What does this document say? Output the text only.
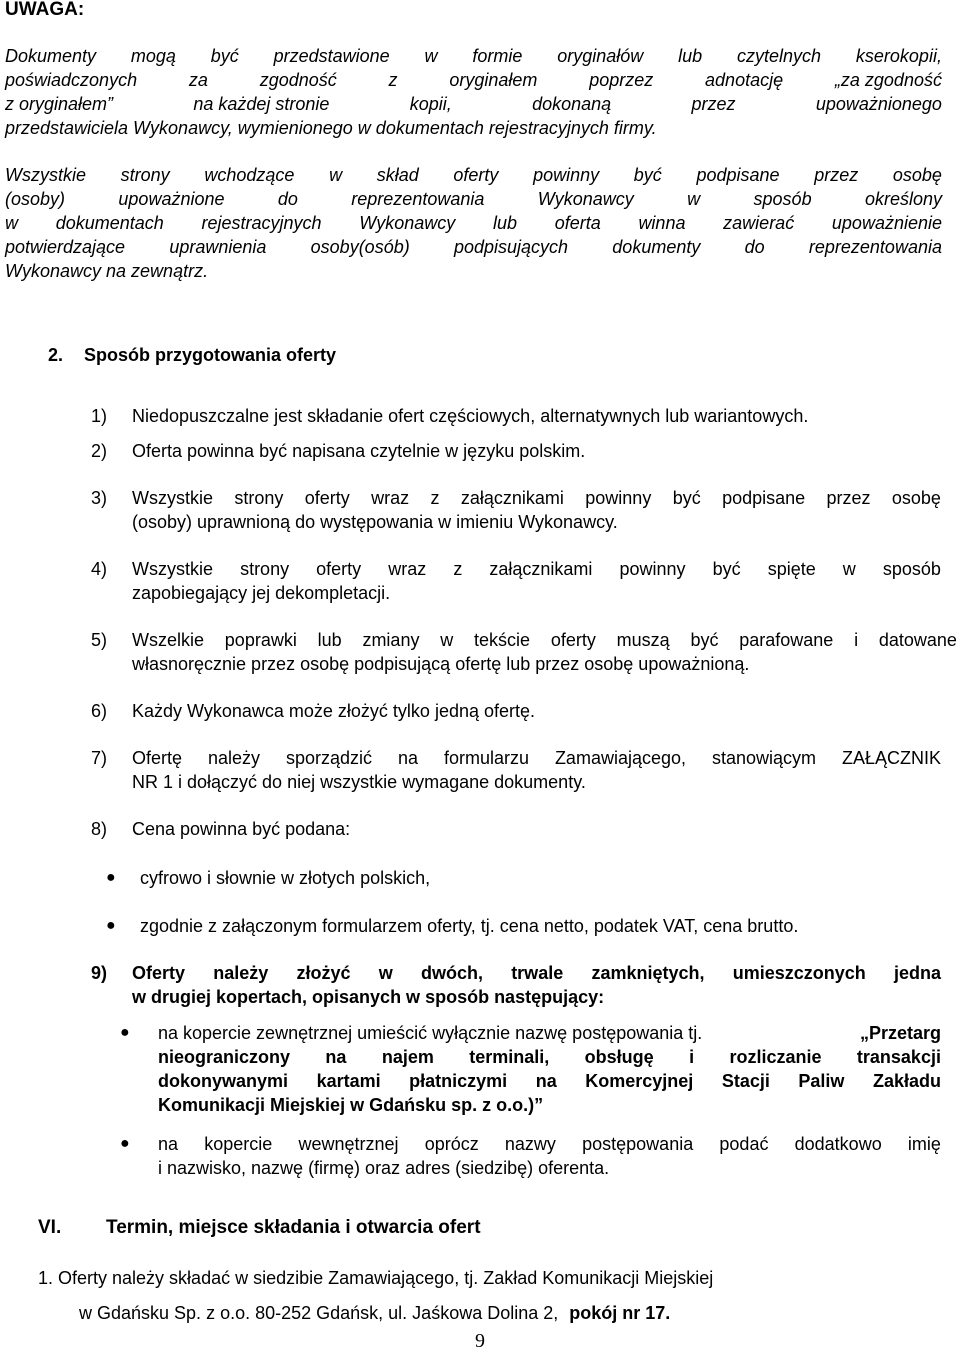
UWAGA:
Dokumenty mogą być przedstawione w formie oryginałów lub czytelnych kserokopii,
poświadczonych	za	zgodność	z	oryginałem	poprzez	adnotację	„za zgodność
z oryginałem”	na każdej stronie	kopii,	dokonaną	przez	upoważnionego
przedstawiciela Wykonawcy, wymienionego w dokumentach rejestracyjnych firmy.
Wszystkie strony wchodzące w skład oferty powinny być podpisane przez osobę
(osoby)	upoważnione	do	reprezentowania	Wykonawcy	w	sposób	określony
w dokumentach rejestracyjnych Wykonawcy lub oferta winna zawierać upoważnienie
potwierdzające uprawnienia osoby(osób) podpisujących dokumenty do reprezentowania
Wykonawcy na zewnątrz.
2. Sposób przygotowania oferty
1) Niedopuszczalne jest składanie ofert częściowych, alternatywnych lub wariantowych.
2) Oferta powinna być napisana czytelnie w języku polskim.
3) Wszystkie strony oferty wraz z załącznikami powinny być podpisane przez osobę
(osoby) uprawnioną do występowania w imieniu Wykonawcy.
4) Wszystkie strony oferty wraz z załącznikami powinny być spięte w sposób
zapobiegający jej dekompletacji.
5) Wszelkie poprawki lub zmiany w tekście oferty muszą być parafowane i datowane
własnoręcznie przez osobę podpisującą ofertę lub przez osobę upoważnioną.
6) Każdy Wykonawca może złożyć tylko jedną ofertę.
7) Ofertę należy sporządzić na formularzu Zamawiającego, stanowiącym ZAŁĄCZNIK
NR 1 i dołączyć do niej wszystkie wymagane dokumenty.
8) Cena powinna być podana:
● cyfrowo i słownie w złotych polskich,
● zgodnie z załączonym formularzem oferty, tj. cena netto, podatek VAT, cena brutto.
9) Oferty należy złożyć w dwóch, trwale zamkniętych, umieszczonych jedna
w drugiej kopertach, opisanych w sposób następujący:
● na kopercie zewnętrznej umieścić wyłącznie nazwę postępowania tj.	„Przetarg
nieograniczony na najem terminali, obsługę i rozliczanie transakcji
dokonywanymi kartami płatniczymi na Komercyjnej Stacji Paliw Zakładu
Komunikacji Miejskiej w Gdańsku sp. z o.o.)”
● na kopercie wewnętrznej oprócz nazwy postępowania podać dodatkowo imię
i nazwisko, nazwę (firmę) oraz adres (siedzibę) oferenta.
VI. Termin, miejsce składania i otwarcia ofert
1. Oferty należy składać w siedzibie Zamawiającego, tj. Zakład Komunikacji Miejskiej
w Gdańsku Sp. z o.o. 80-252 Gdańsk, ul. Jaśkowa Dolina 2, pokój nr 17.
9
